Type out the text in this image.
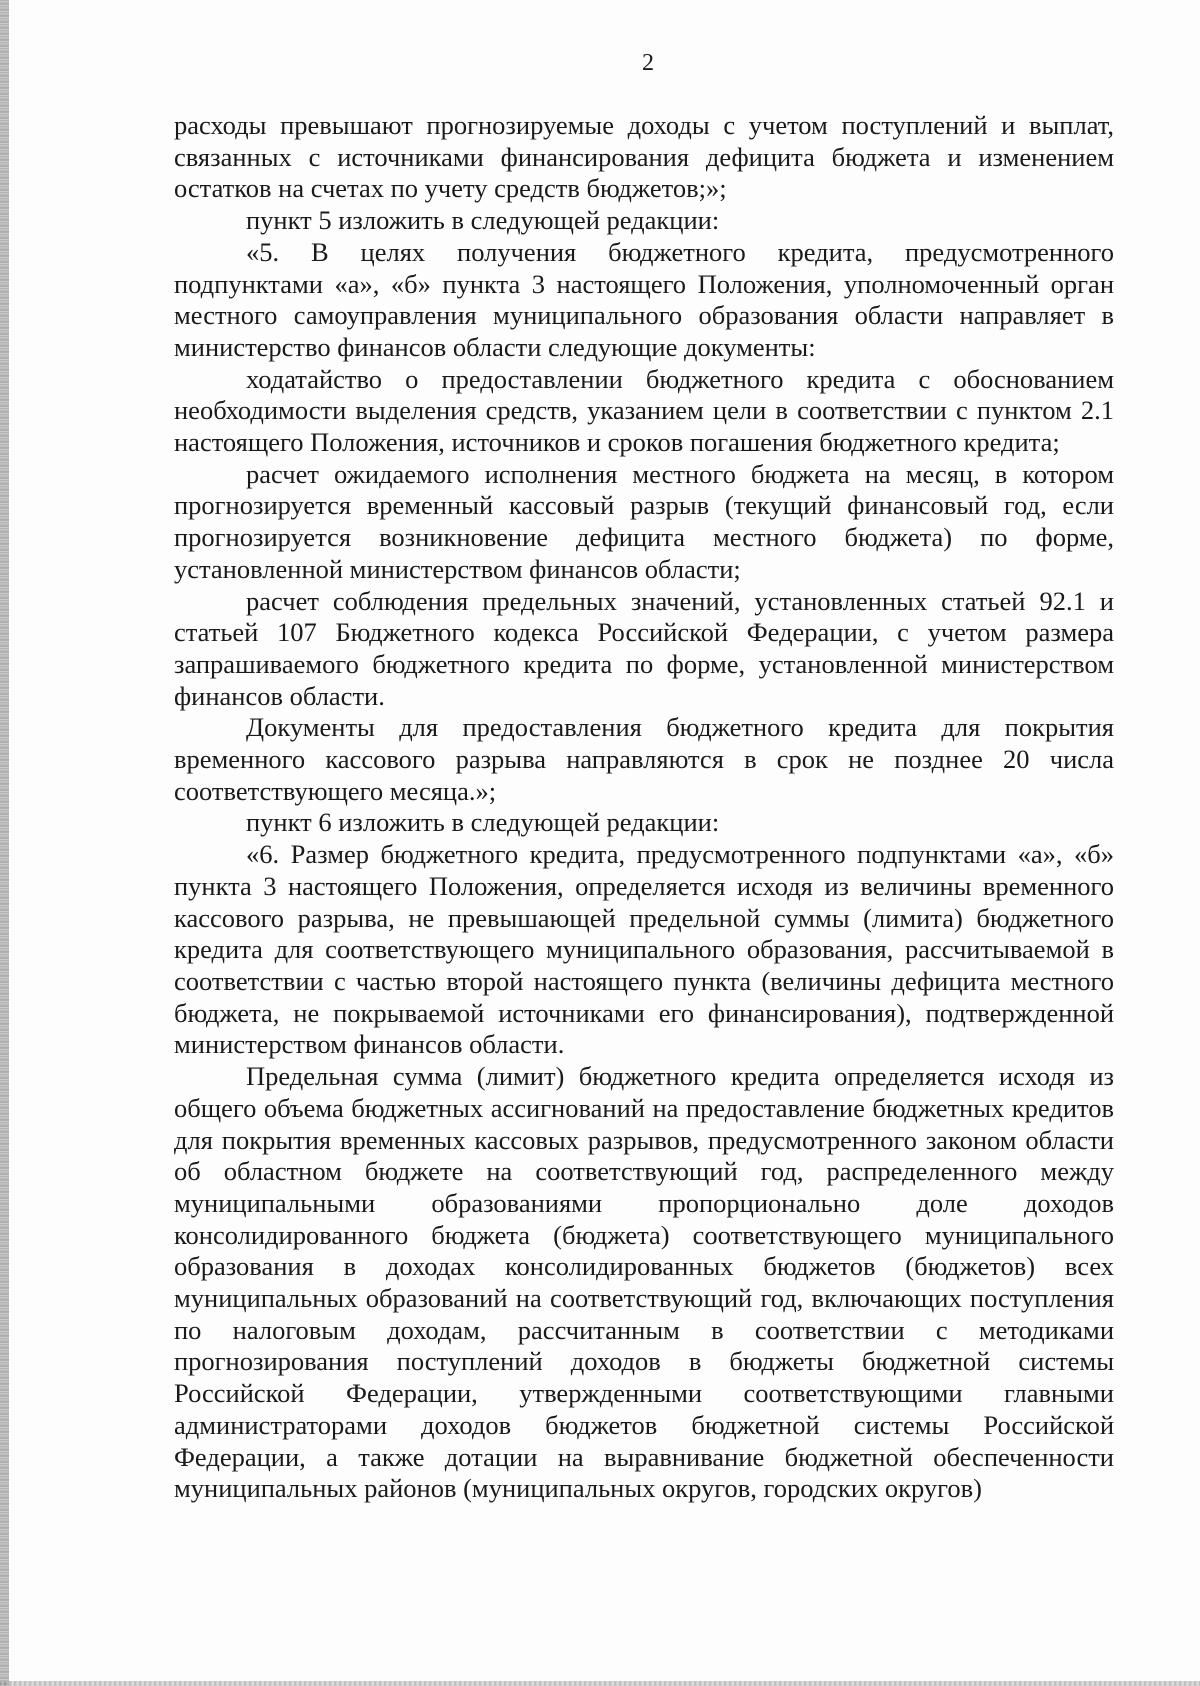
2

расходы превышают прогнозируемые доходы с учетом поступлений и выплат, связанных с источниками финансирования дефицита бюджета и изменением остатков на счетах по учету средств бюджетов;»;

пункт 5 изложить в следующей редакции:

«5. В целях получения бюджетного кредита, предусмотренного подпунктами «а», «б» пункта 3 настоящего Положения, уполномоченный орган местного самоуправления муниципального образования области направляет в министерство финансов области следующие документы:

ходатайство о предоставлении бюджетного кредита с обоснованием необходимости выделения средств, указанием цели в соответствии с пунктом 2.1 настоящего Положения, источников и сроков погашения бюджетного кредита;

расчет ожидаемого исполнения местного бюджета на месяц, в котором прогнозируется временный кассовый разрыв (текущий финансовый год, если прогнозируется возникновение дефицита местного бюджета) по форме, установленной министерством финансов области;

расчет соблюдения предельных значений, установленных статьей 92.1 и статьей 107 Бюджетного кодекса Российской Федерации, с учетом размера запрашиваемого бюджетного кредита по форме, установленной министерством финансов области.

Документы для предоставления бюджетного кредита для покрытия временного кассового разрыва направляются в срок не позднее 20 числа соответствующего месяца.»;

пункт 6 изложить в следующей редакции:

«6. Размер бюджетного кредита, предусмотренного подпунктами «а», «б» пункта 3 настоящего Положения, определяется исходя из величины временного кассового разрыва, не превышающей предельной суммы (лимита) бюджетного кредита для соответствующего муниципального образования, рассчитываемой в соответствии с частью второй настоящего пункта (величины дефицита местного бюджета, не покрываемой источниками его финансирования), подтвержденной министерством финансов области.

Предельная сумма (лимит) бюджетного кредита определяется исходя из общего объема бюджетных ассигнований на предоставление бюджетных кредитов для покрытия временных кассовых разрывов, предусмотренного законом области об областном бюджете на соответствующий год, распределенного между муниципальными образованиями пропорционально доле доходов консолидированного бюджета (бюджета) соответствующего муниципального образования в доходах консолидированных бюджетов (бюджетов) всех муниципальных образований на соответствующий год, включающих поступления по налоговым доходам, рассчитанным в соответствии с методиками прогнозирования поступлений доходов в бюджеты бюджетной системы Российской Федерации, утвержденными соответствующими главными администраторами доходов бюджетов бюджетной системы Российской Федерации, а также дотации на выравнивание бюджетной обеспеченности муниципальных районов (муниципальных округов, городских округов)
